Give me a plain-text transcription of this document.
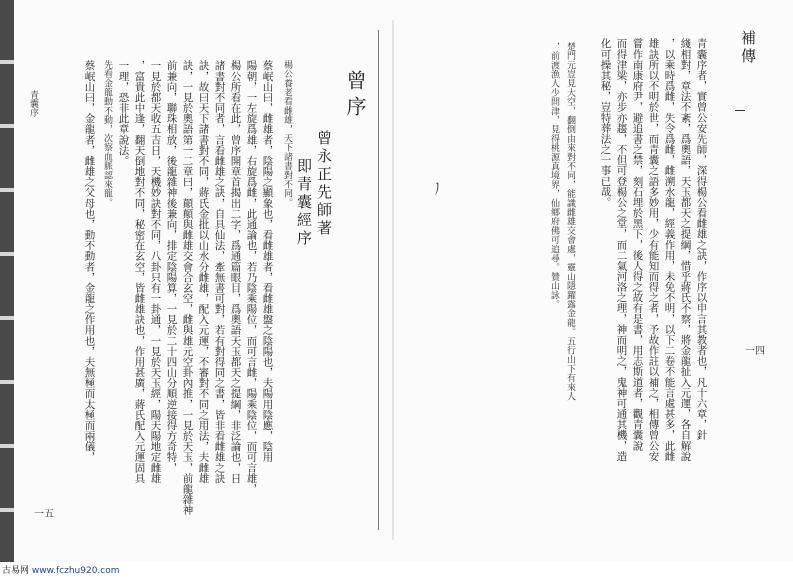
補傳
青囊序者，實曾公安先師，深得楊公看雌雄之訣，作序以申言其教者也，凡十六章，針
綫相對，章法不紊，爲奧語，天玉都天之提綱，惜乎蔣氏不察，將金龍扯入元運，各自解說
，以乘時爲雌，失令爲雌，雌溯水龍，經義作用，未免不明，以下二卷不能言處甚多，此雌
雄訣所以不明於世，而青囊之語多妙用，少有能知而得之者，予故作註以補之，相傳曾公安
嘗作南康府尹，避追書之禁，刻石埋於黑下，後人得之故有是書，用志斯道者，觀青囊說
而得津梁，亦步亦趨，不但可登楊公之堂，而二氣河洛之理，神而明之，鬼神可通其機，造
化可操其秘，豈特葬法之一事已哉。
楚門元豈見大空，翻倒由來對不同，能識雌雄交會處，靈山隱躍露金龍。五行山下有來人
，前渡漁人少問津，見得桃源真境界，仙鄉府佛可追尋。贊山詠。
一四
ノ
曾序
曾永正先師著
即青囊經序
楊公養老看雌雄，天下諸書對不同。
蔡岷山曰，雌雄者，陰陽之顯象也，看雌雄者，看雌雄盤之陰陽也，夫陽用陰應，陰用
陽朝，一左旋爲雄，右旋爲雌，此通論也，若乃陰乘陽位，而可言雌，陽乘陰位，而可言雄，
楊公所看在此，曾序開章首揭出二字，爲通篇眼目，爲奧語天玉都天之提綱，非泛論也，日
諸書對不同者，言看雌雄之訣，自具仙法，牽無書可對，若有對得同之書，皆非看雌雄之訣
訣，故曰天下諸書對不同，蔣氏金批以山水分雌雄，配入元運，不審對不同之用法，夫雌雄
訣，一見於奧語第一二章曰，顛顛與雌雄交會合玄空，雌與雄元空卦內推，一見於天玉，前龍雜神
前兼向，聯珠相放，後龍雜神後兼向，排定陰陽算，一見於二十四山分順逆接得方奇特，
一見於都天收五吉日，天機妙訣對不同，八卦只有一卦通，一見於天玉經，陽天陽地定雌雄
，富貴此中逢，翻天倒地對不同，秘密在玄空，皆雌雄訣也，作用甚廣，蔣氏配入元運固具
一理，恐非此章說法。
先看金龍動不動，次察血脈認來龍。
蔡岷山曰，金龍者，雌雄之父母也，動不動者，金龍之作用也，夫無極而太極而兩儀，
青囊序
一五
古易网 www.fczhu920.com
